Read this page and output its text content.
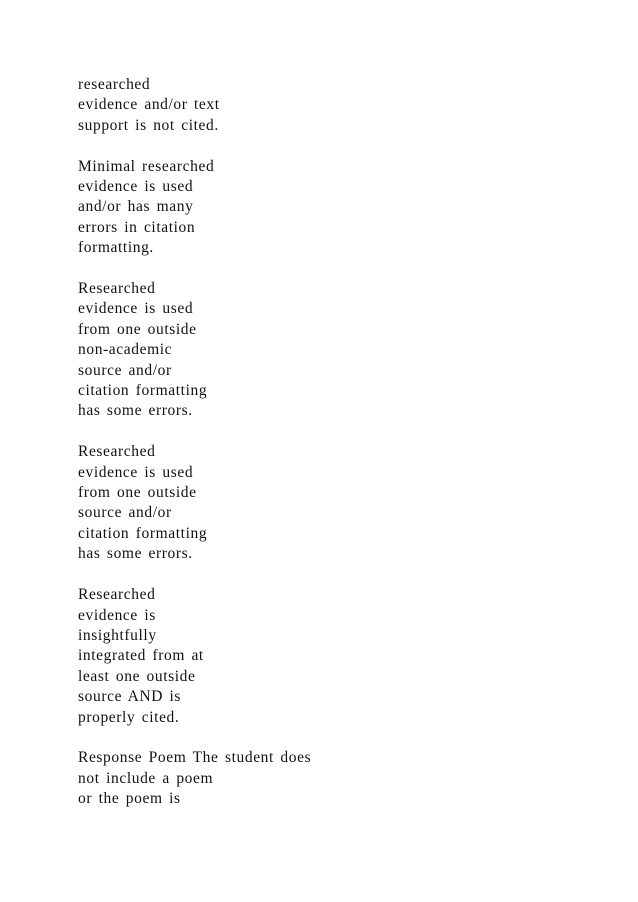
researched
evidence and/or text
support is not cited.
Minimal researched
evidence is used
and/or has many
errors in citation
formatting.
Researched
evidence is used
from one outside
non-academic
source and/or
citation formatting
has some errors.
Researched
evidence is used
from one outside
source and/or
citation formatting
has some errors.
Researched
evidence is
insightfully
integrated from at
least one outside
source AND is
properly cited.
Response Poem The student does
not include a poem
or the poem is
